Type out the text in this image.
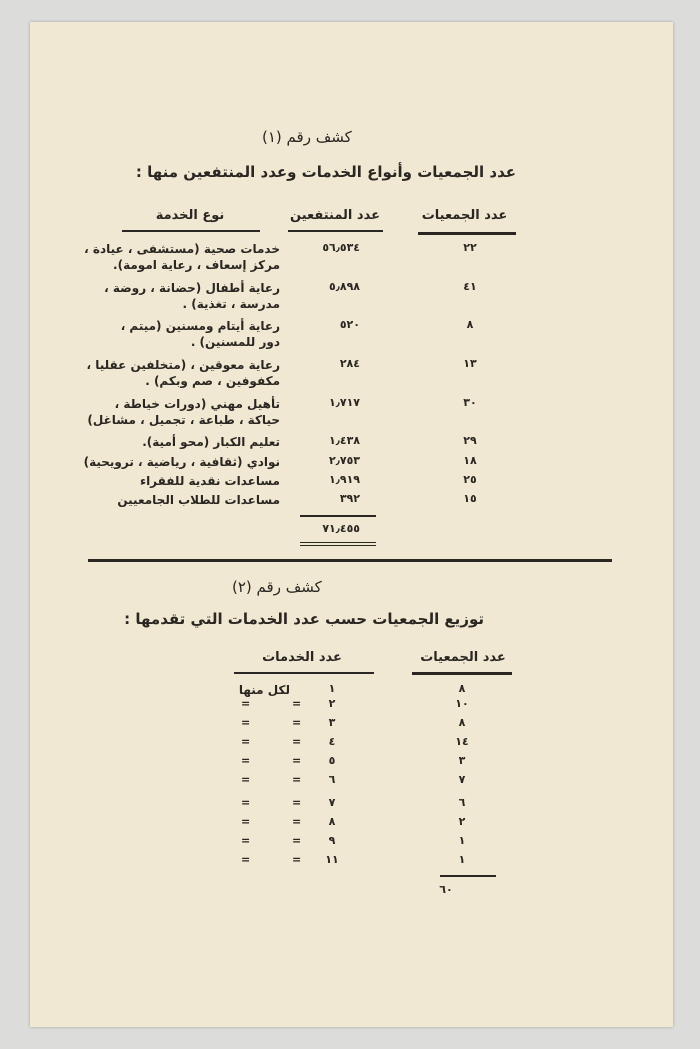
كشف رقم (١)
عدد الجمعيات وأنواع الخدمات وعدد المنتفعين منها :
عدد الجمعيات
عدد المنتفعين
نوع الخدمة
٢٢
٥٦٫٥٣٤
خدمات صحية (مستشفى ، عيادة ،
مركز إسعاف ، رعاية امومة).
٤١
٥٫٨٩٨
رعاية أطفال (حضانة ، روضة ،
مدرسة ، تغذية) .
٨
٥٢٠
رعاية أيتام ومسنين (ميتم ،
دور للمسنين) .
١٣
٢٨٤
رعاية معوقين ، (متخلفين عقليا ،
مكفوفين ، صم وبكم) .
٣٠
١٫٧١٧
تأهيل مهني (دورات خياطة ،
حياكة ، طباعة ، تجميل ، مشاغل)
٢٩
١٫٤٣٨
تعليم الكبار (محو أمية).
١٨
٢٫٧٥٣
نوادي (ثقافية ، رياضية ، ترويحية)
٢٥
١٫٩١٩
مساعدات نقدية للفقراء
١٥
٣٩٢
مساعدات للطلاب الجامعيين
٧١٫٤٥٥
كشف رقم (٢)
توزيع الجمعيات حسب عدد الخدمات التي تقدمها :
عدد الجمعيات
عدد الخدمات
٨
١
لكل منها
١٠
٢
=
=
٨
٣
=
=
١٤
٤
=
=
٣
٥
=
=
٧
٦
=
=
٦
٧
=
=
٢
٨
=
=
١
٩
=
=
١
١١
=
=
٦٠
